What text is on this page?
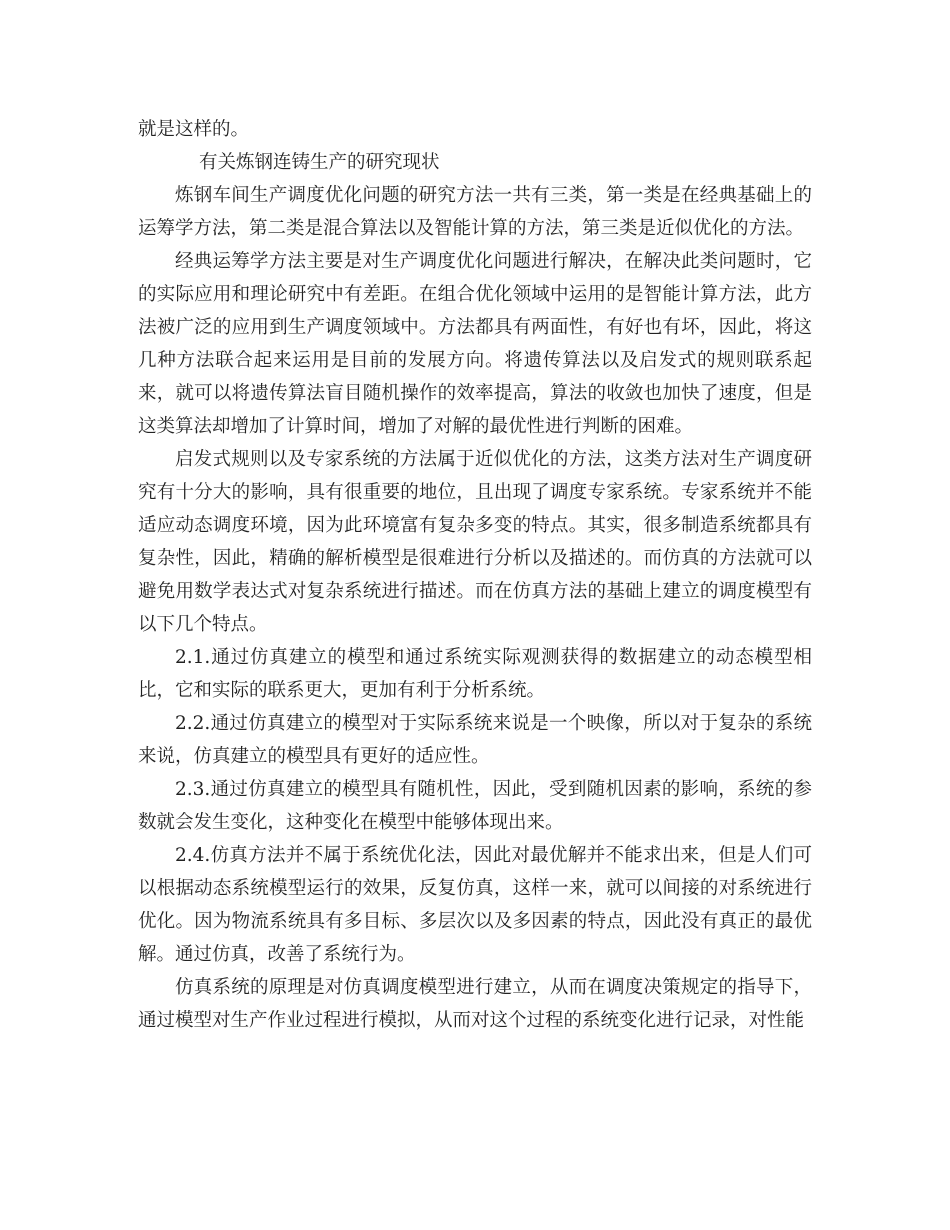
就是这样的。

有关炼钢连铸生产的研究现状

炼钢车间生产调度优化问题的研究方法一共有三类，第一类是在经典基础上的运筹学方法，第二类是混合算法以及智能计算的方法，第三类是近似优化的方法。

经典运筹学方法主要是对生产调度优化问题进行解决，在解决此类问题时，它的实际应用和理论研究中有差距。在组合优化领域中运用的是智能计算方法，此方法被广泛的应用到生产调度领域中。方法都具有两面性，有好也有坏，因此，将这几种方法联合起来运用是目前的发展方向。将遗传算法以及启发式的规则联系起来，就可以将遗传算法盲目随机操作的效率提高，算法的收敛也加快了速度，但是这类算法却增加了计算时间，增加了对解的最优性进行判断的困难。

启发式规则以及专家系统的方法属于近似优化的方法，这类方法对生产调度研究有十分大的影响，具有很重要的地位，且出现了调度专家系统。专家系统并不能适应动态调度环境，因为此环境富有复杂多变的特点。其实，很多制造系统都具有复杂性，因此，精确的解析模型是很难进行分析以及描述的。而仿真的方法就可以避免用数学表达式对复杂系统进行描述。而在仿真方法的基础上建立的调度模型有以下几个特点。

2.1.通过仿真建立的模型和通过系统实际观测获得的数据建立的动态模型相比，它和实际的联系更大，更加有利于分析系统。

2.2.通过仿真建立的模型对于实际系统来说是一个映像，所以对于复杂的系统来说，仿真建立的模型具有更好的适应性。

2.3.通过仿真建立的模型具有随机性，因此，受到随机因素的影响，系统的参数就会发生变化，这种变化在模型中能够体现出来。

2.4.仿真方法并不属于系统优化法，因此对最优解并不能求出来，但是人们可以根据动态系统模型运行的效果，反复仿真，这样一来，就可以间接的对系统进行优化。因为物流系统具有多目标、多层次以及多因素的特点，因此没有真正的最优解。通过仿真，改善了系统行为。

仿真系统的原理是对仿真调度模型进行建立，从而在调度决策规定的指导下，通过模型对生产作业过程进行模拟，从而对这个过程的系统变化进行记录，对性能
